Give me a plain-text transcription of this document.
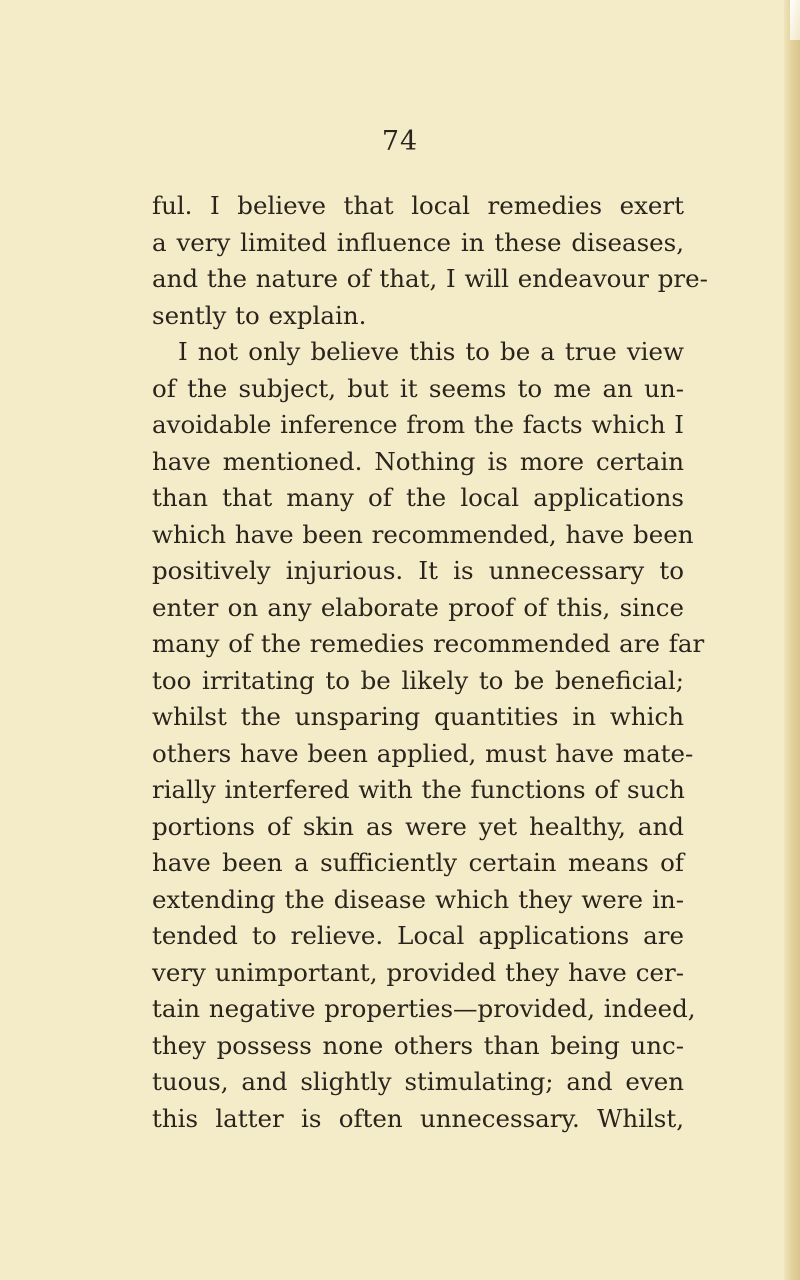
74
ful. I believe that local remedies exert
a very limited influence in these diseases,
and the nature of that, I will endeavour pre-
sently to explain.
I not only believe this to be a true view
of the subject, but it seems to me an un-
avoidable inference from the facts which I
have mentioned. Nothing is more certain
than that many of the local applications
which have been recommended, have been
positively injurious. It is unnecessary to
enter on any elaborate proof of this, since
many of the remedies recommended are far
too irritating to be likely to be beneficial;
whilst the unsparing quantities in which
others have been applied, must have mate-
rially interfered with the functions of such
portions of skin as were yet healthy, and
have been a sufficiently certain means of
extending the disease which they were in-
tended to relieve. Local applications are
very unimportant, provided they have cer-
tain negative properties—provided, indeed,
they possess none others than being unc-
tuous, and slightly stimulating; and even
this latter is often unnecessary. Whilst,
